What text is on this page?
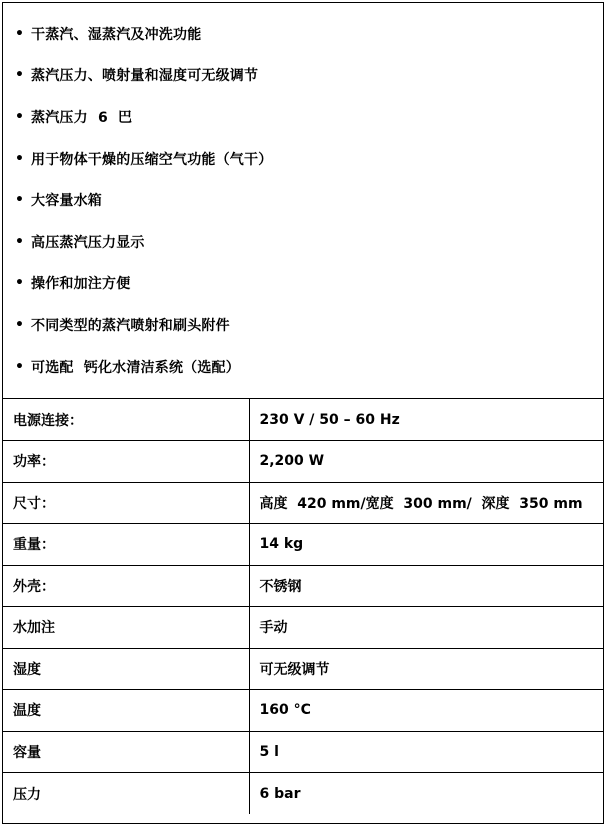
• 干蒸汽、湿蒸汽及冲洗功能
• 蒸汽压力、喷射量和湿度可无级调节
• 蒸汽压力  6  巴
• 用于物体干燥的压缩空气功能（气干）
• 大容量水箱
• 高压蒸汽压力显示
• 操作和加注方便
• 不同类型的蒸汽喷射和刷头附件
• 可选配  钙化水清洁系统（选配）
电源连接：	230 V / 50 – 60 Hz
功率：	2,200 W
尺寸：	高度  420 mm/宽度  300 mm/  深度  350 mm
重量：	14 kg
外壳：	不锈钢
水加注	手动
湿度	可无级调节
温度	160 °C
容量	5 l
压力	6 bar
